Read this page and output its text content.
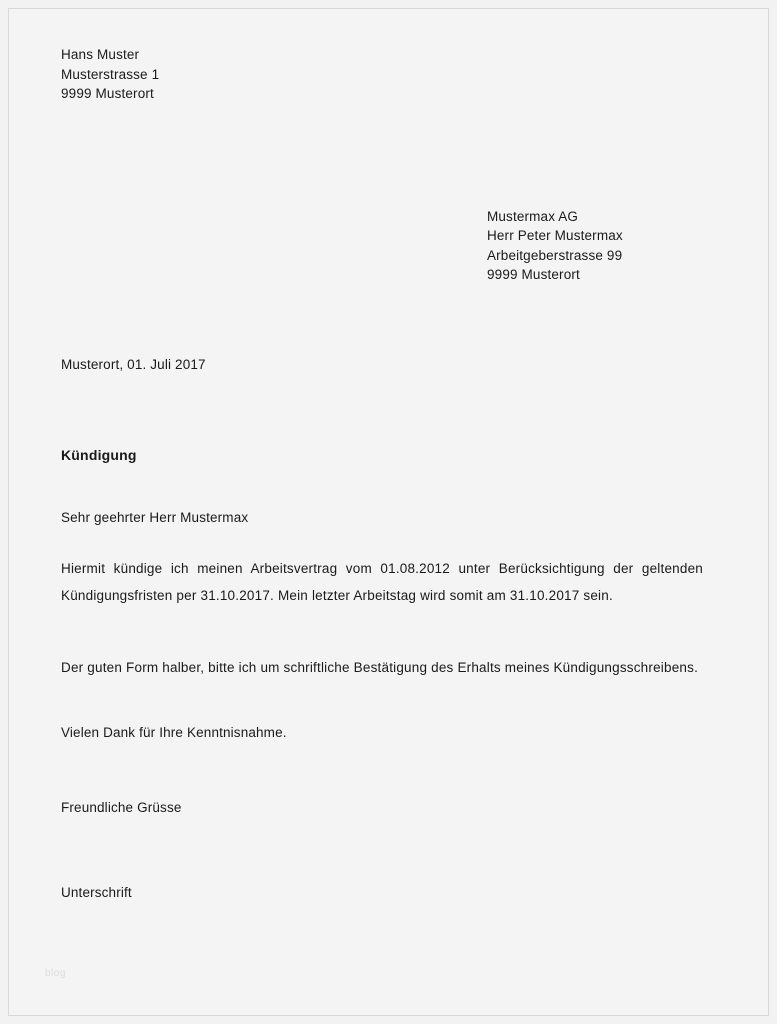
Hans Muster
Musterstrasse 1
9999 Musterort
Mustermax AG
Herr Peter Mustermax
Arbeitgeberstrasse 99
9999 Musterort
Musterort, 01. Juli 2017
Kündigung
Sehr geehrter Herr Mustermax
Hiermit kündige ich meinen Arbeitsvertrag vom 01.08.2012 unter Berücksichtigung der geltenden Kündigungsfristen per 31.10.2017. Mein letzter Arbeitstag wird somit am 31.10.2017 sein.
Der guten Form halber, bitte ich um schriftliche Bestätigung des Erhalts meines Kündigungsschreibens.
Vielen Dank für Ihre Kenntnisnahme.
Freundliche Grüsse
Unterschrift
blog
